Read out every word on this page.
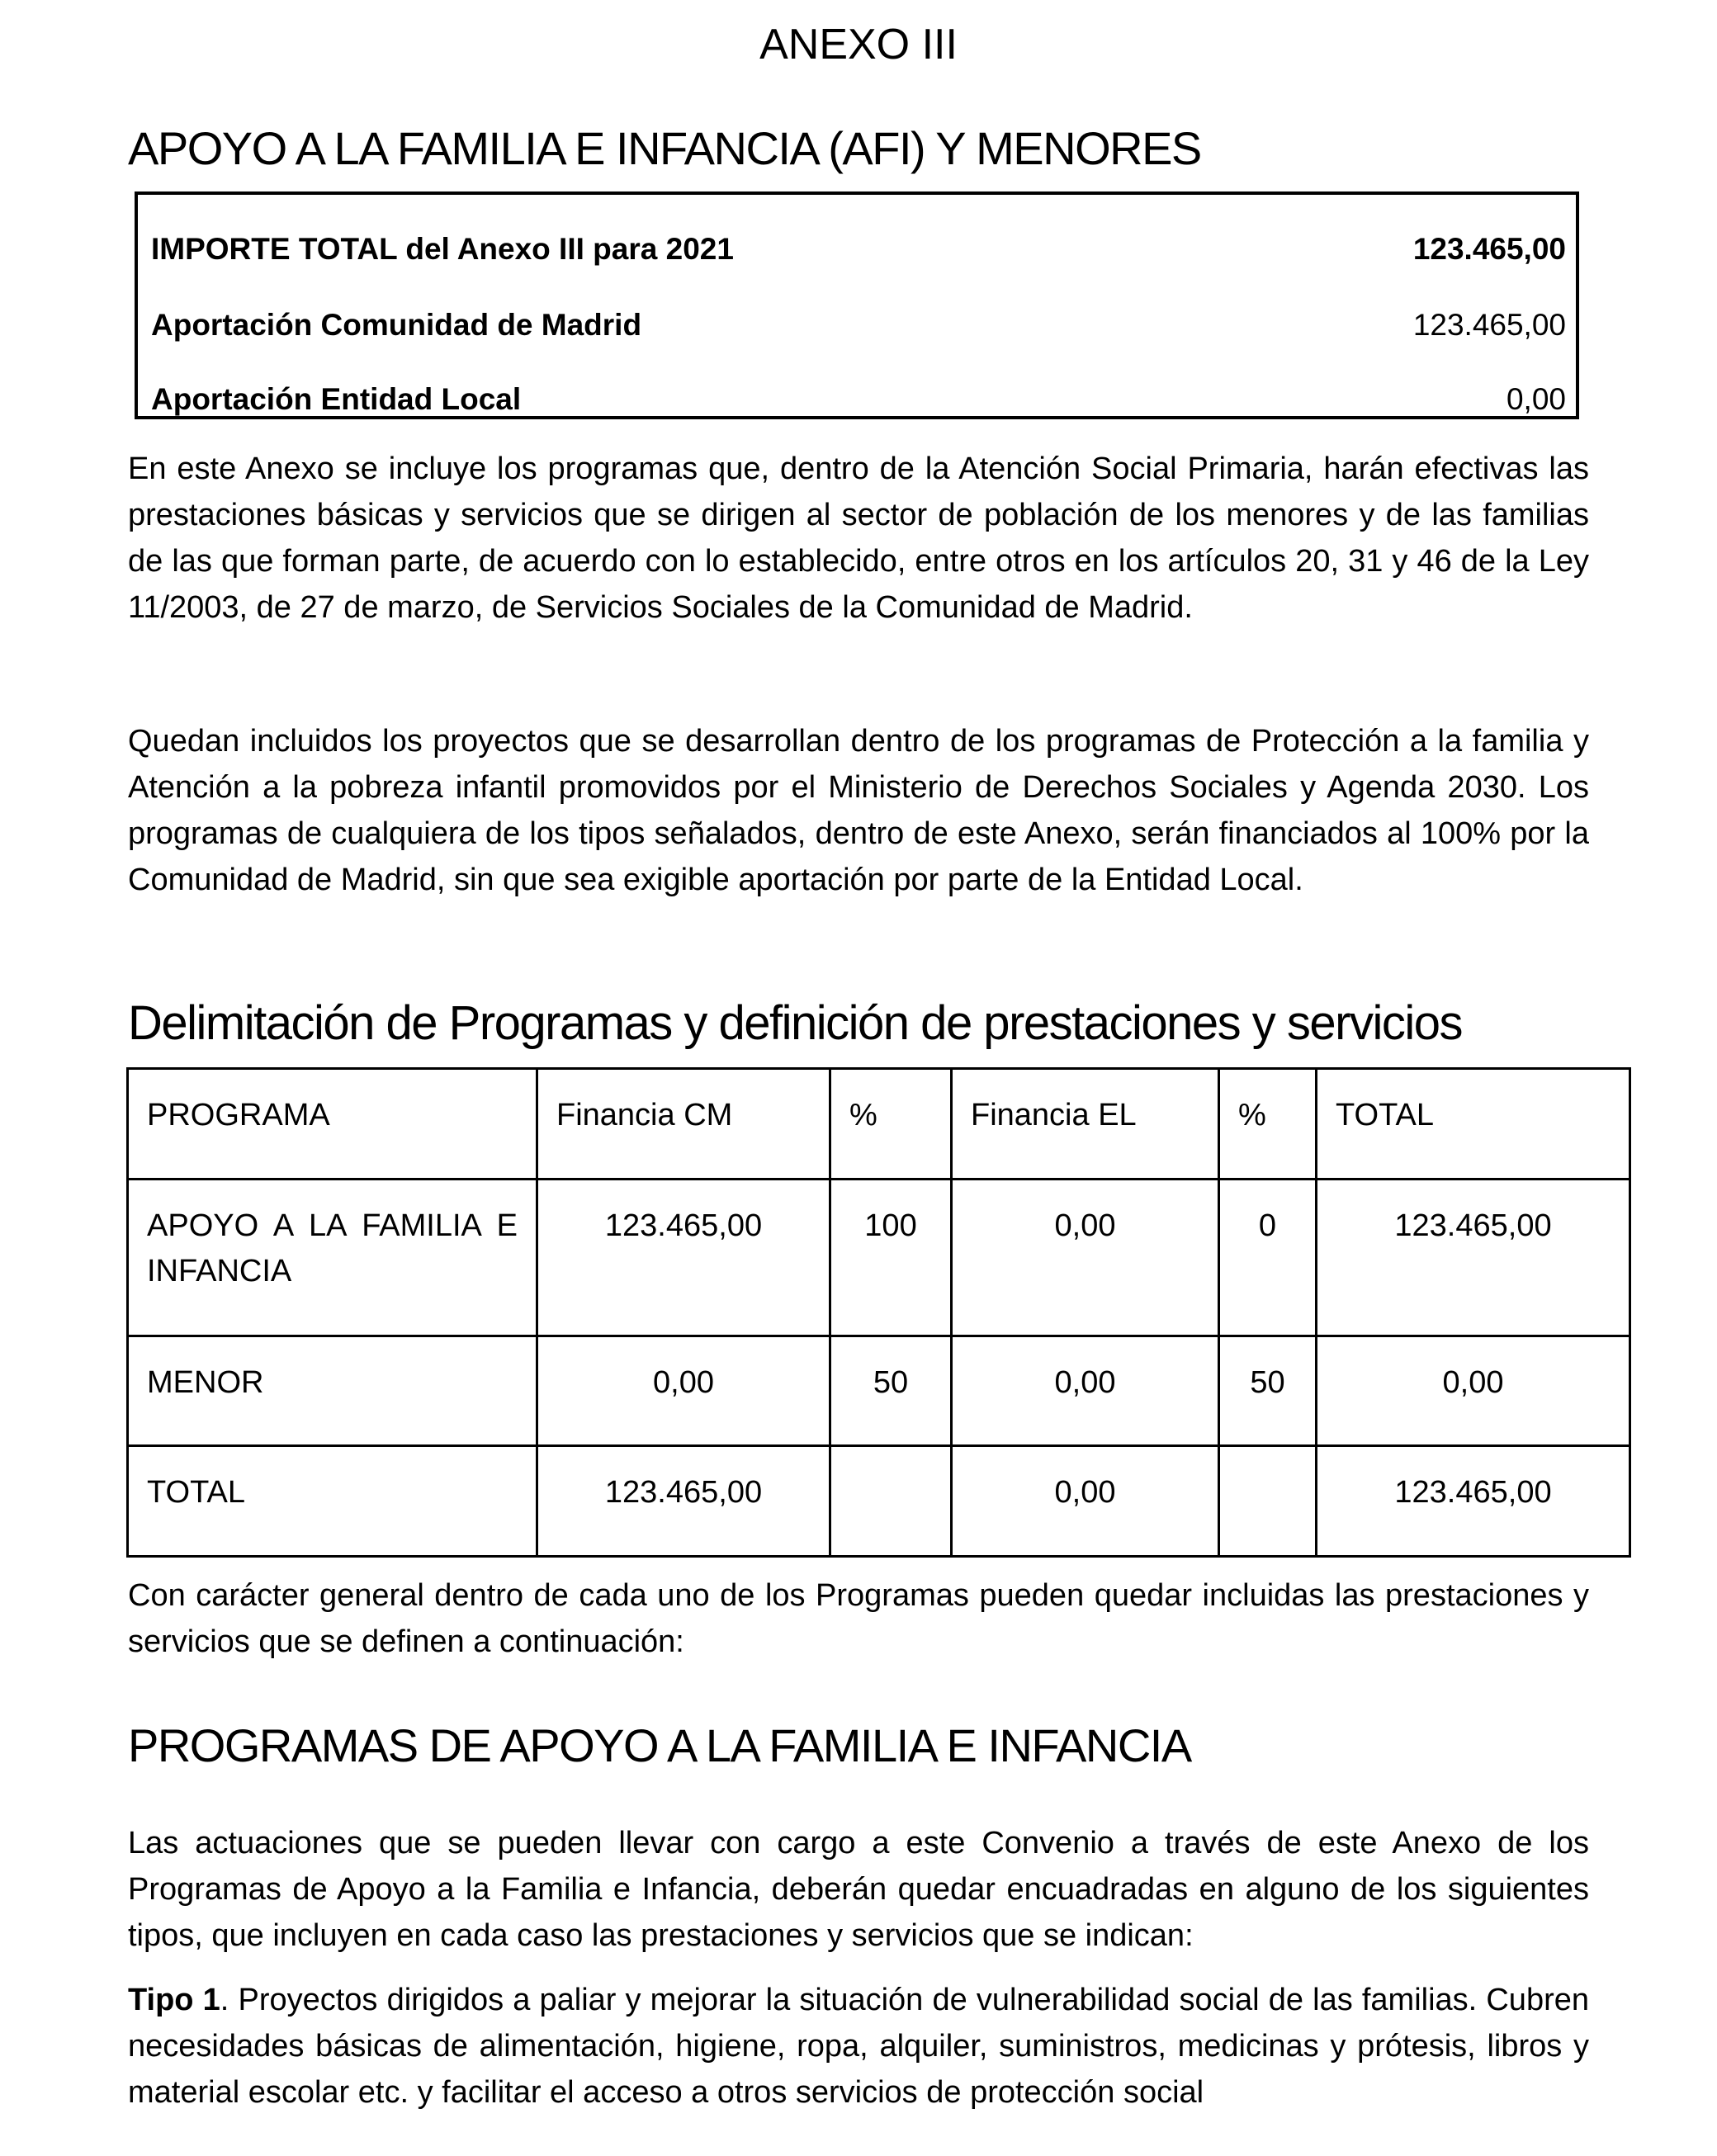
ANEXO III
APOYO A LA FAMILIA E INFANCIA (AFI) Y MENORES
IMPORTE TOTAL del Anexo III para 2021	123.465,00
Aportación Comunidad de Madrid	123.465,00
Aportación Entidad Local	0,00
En este Anexo se incluye los programas que, dentro de la Atención Social Primaria, harán efectivas las prestaciones básicas y servicios que se dirigen al sector de población de los menores y de las familias de las que forman parte, de acuerdo con lo establecido, entre otros en los artículos 20, 31 y 46 de la Ley 11/2003, de 27 de marzo, de Servicios Sociales de la Comunidad de Madrid.
Quedan incluidos los proyectos que se desarrollan dentro de los programas de Protección a la familia y Atención a la pobreza infantil promovidos por el Ministerio de Derechos Sociales y Agenda 2030. Los programas de cualquiera de los tipos señalados, dentro de este Anexo, serán financiados al 100% por la Comunidad de Madrid, sin que sea exigible aportación por parte de la Entidad Local.
Delimitación de Programas y definición de prestaciones y servicios
PROGRAMA	Financia CM	%	Financia EL	%	TOTAL
APOYO A LA FAMILIA E INFANCIA	123.465,00	100	0,00	0	123.465,00
MENOR	0,00	50	0,00	50	0,00
TOTAL	123.465,00		0,00		123.465,00
Con carácter general dentro de cada uno de los Programas pueden quedar incluidas las prestaciones y servicios que se definen a continuación:
PROGRAMAS DE APOYO A LA FAMILIA E INFANCIA
Las actuaciones que se pueden llevar con cargo a este Convenio a través de este Anexo de los Programas de Apoyo a la Familia e Infancia, deberán quedar encuadradas en alguno de los siguientes tipos, que incluyen en cada caso las prestaciones y servicios que se indican:
Tipo 1. Proyectos dirigidos a paliar y mejorar la situación de vulnerabilidad social de las familias. Cubren necesidades básicas de alimentación, higiene, ropa, alquiler, suministros, medicinas y prótesis, libros y material escolar etc. y facilitar el acceso a otros servicios de protección social
